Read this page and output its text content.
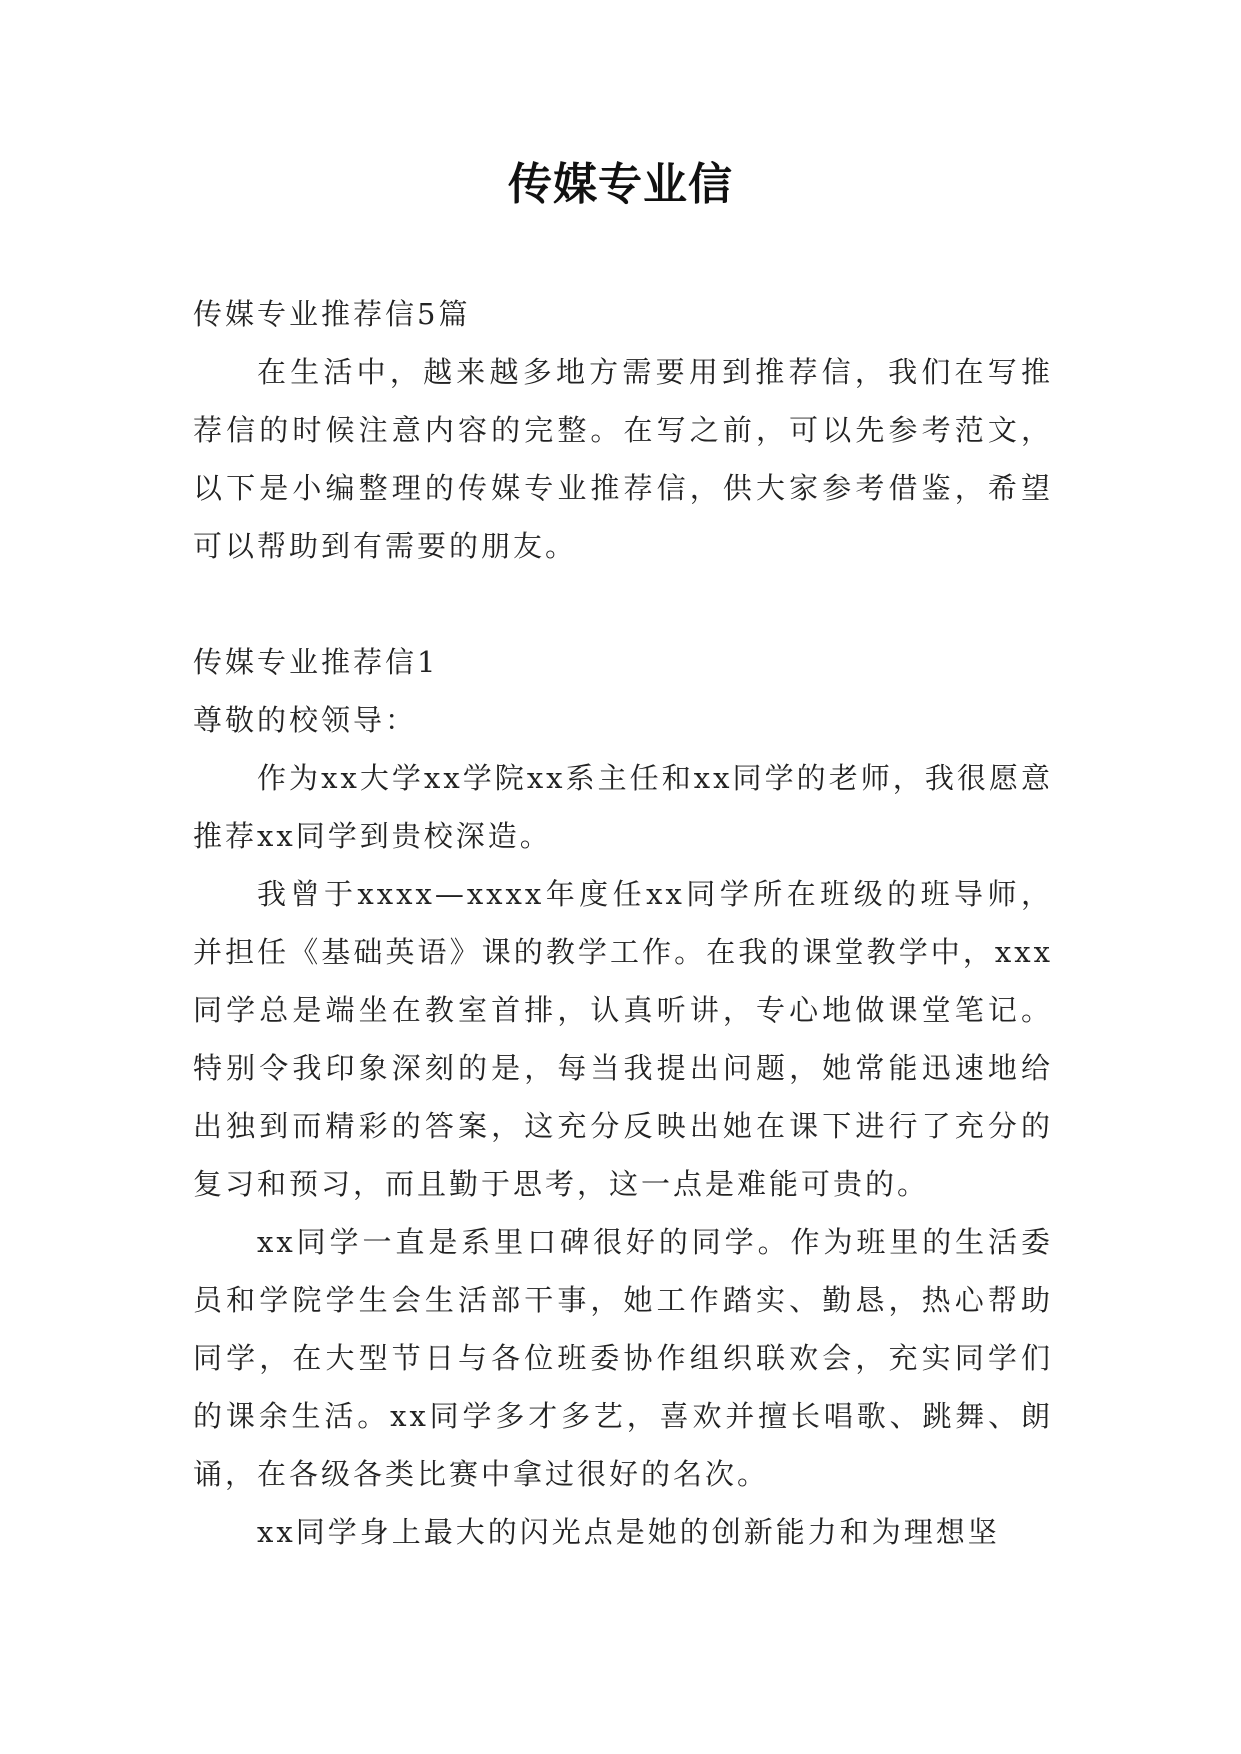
传媒专业信
传媒专业推荐信5篇

在生活中，越来越多地方需要用到推荐信，我们在写推荐信的时候注意内容的完整。在写之前，可以先参考范文，以下是小编整理的传媒专业推荐信，供大家参考借鉴，希望可以帮助到有需要的朋友。

传媒专业推荐信1
尊敬的校领导：

作为xx大学xx学院xx系主任和xx同学的老师，我很愿意推荐xx同学到贵校深造。

我曾于xxxx—xxxx年度任xx同学所在班级的班导师，并担任《基础英语》课的教学工作。在我的课堂教学中，xxx同学总是端坐在教室首排，认真听讲，专心地做课堂笔记。特别令我印象深刻的是，每当我提出问题，她常能迅速地给出独到而精彩的答案，这充分反映出她在课下进行了充分的复习和预习，而且勤于思考，这一点是难能可贵的。

xx同学一直是系里口碑很好的同学。作为班里的生活委员和学院学生会生活部干事，她工作踏实、勤恳，热心帮助同学，在大型节日与各位班委协作组织联欢会，充实同学们的课余生活。xx同学多才多艺，喜欢并擅长唱歌、跳舞、朗诵，在各级各类比赛中拿过很好的名次。

xx同学身上最大的闪光点是她的创新能力和为理想坚
